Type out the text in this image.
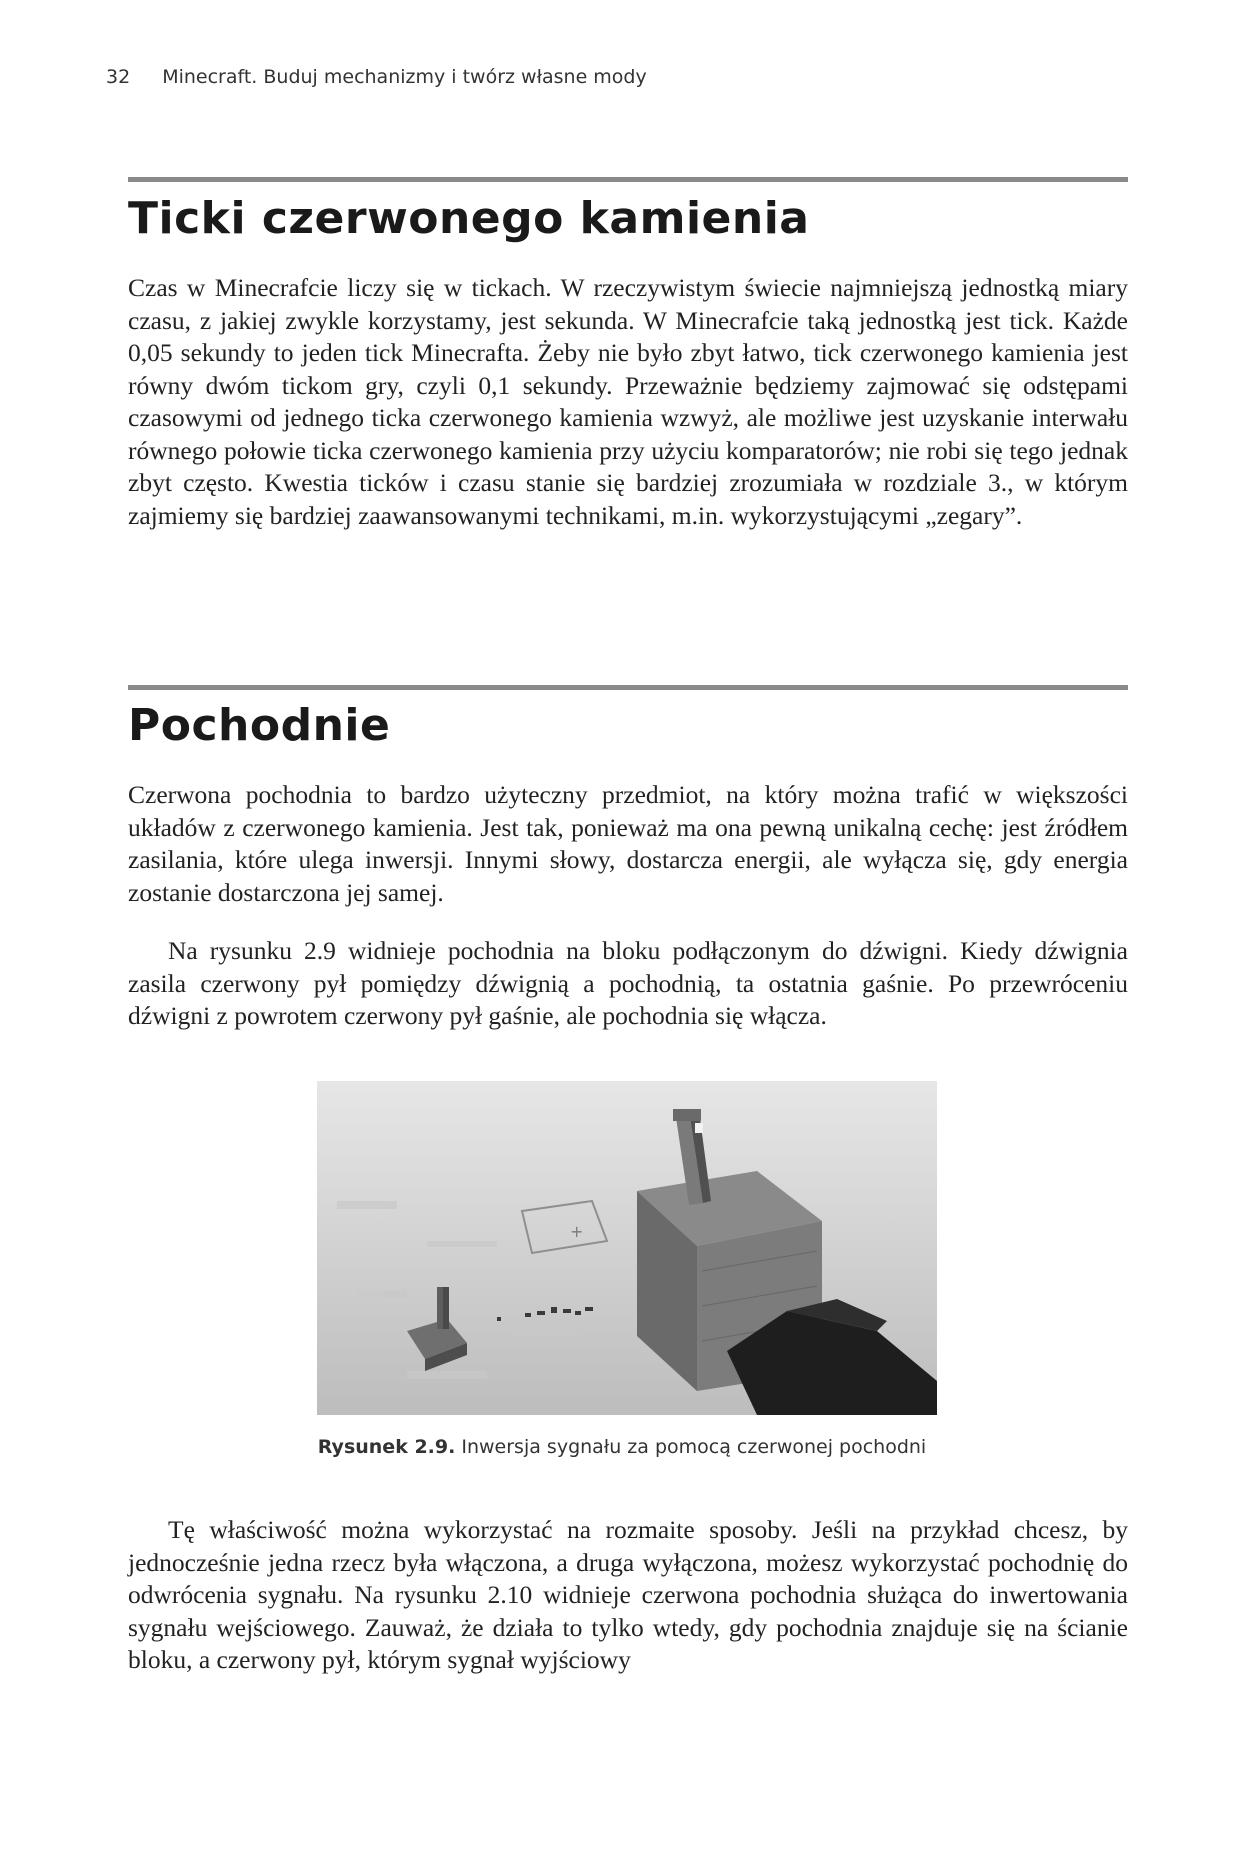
32 Minecraft. Buduj mechanizmy i twórz własne mody
Ticki czerwonego kamienia

Czas w Minecrafcie liczy się w tickach. W rzeczywistym świecie najmniejszą jednostką miary czasu, z jakiej zwykle korzystamy, jest sekunda. W Minecrafcie taką jednostką jest tick. Każde 0,05 sekundy to jeden tick Minecrafta. Żeby nie było zbyt łatwo, tick czerwonego kamienia jest równy dwóm tickom gry, czyli 0,1 sekundy. Przeważnie będziemy zajmować się odstępami czasowymi od jednego ticka czerwonego kamienia wzwyż, ale możliwe jest uzyskanie interwału równego połowie ticka czerwonego kamienia przy użyciu komparatorów; nie robi się tego jednak zbyt często. Kwestia ticków i czasu stanie się bardziej zrozumiała w rozdziale 3., w którym zajmiemy się bardziej zaawansowanymi technikami, m.in. wykorzystującymi „zegary”.

Pochodnie

Czerwona pochodnia to bardzo użyteczny przedmiot, na który można trafić w większości układów z czerwonego kamienia. Jest tak, ponieważ ma ona pewną unikalną cechę: jest źródłem zasilania, które ulega inwersji. Innymi słowy, dostarcza energii, ale wyłącza się, gdy energia zostanie dostarczona jej samej.

Na rysunku 2.9 widnieje pochodnia na bloku podłączonym do dźwigni. Kiedy dźwignia zasila czerwony pył pomiędzy dźwignią a pochodnią, ta ostatnia gaśnie. Po przewróceniu dźwigni z powrotem czerwony pył gaśnie, ale pochodnia się włącza.

+
Rysunek 2.9. Inwersja sygnału za pomocą czerwonej pochodni

Tę właściwość można wykorzystać na rozmaite sposoby. Jeśli na przykład chcesz, by jednocześnie jedna rzecz była włączona, a druga wyłączona, możesz wykorzystać pochodnię do odwrócenia sygnału. Na rysunku 2.10 widnieje czerwona pochodnia służąca do inwertowania sygnału wejściowego. Zauważ, że działa to tylko wtedy, gdy pochodnia znajduje się na ścianie bloku, a czerwony pył, którym sygnał wyjściowy
